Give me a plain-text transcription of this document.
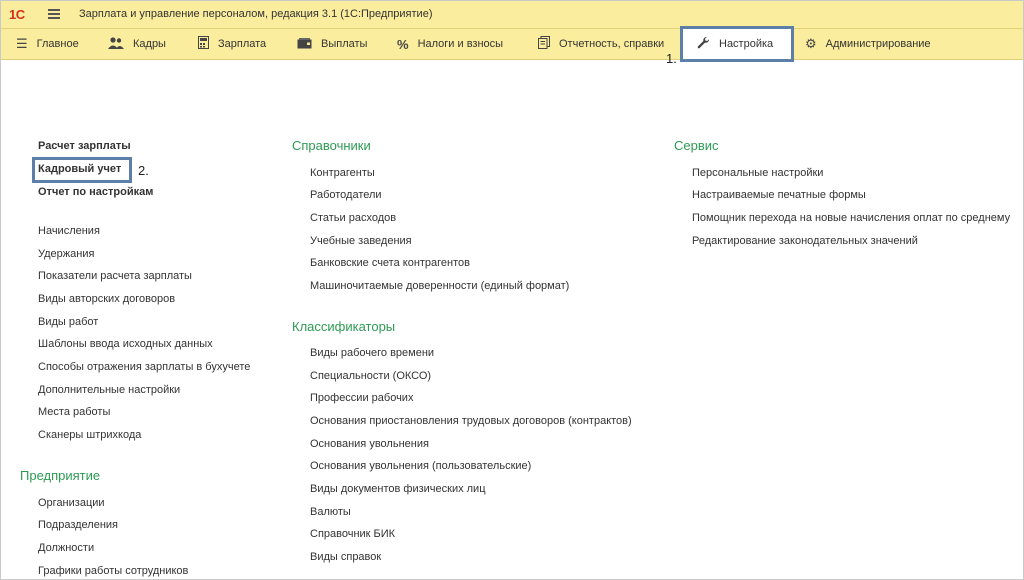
1С	Зарплата и управление персоналом, редакция 3.1 (1С:Предприятие)
☰ Главное	Кадры	Зарплата	Выплаты % Налоги и взносы	Отчетность, справки	Настройка ⚙ Администрирование
1.
Расчет зарплаты
Кадровый учет 2.
Отчет по настройкам
Начисления
Удержания
Показатели расчета зарплаты
Виды авторских договоров
Виды работ
Шаблоны ввода исходных данных
Способы отражения зарплаты в бухучете
Дополнительные настройки
Места работы
Сканеры штрихкода
Предприятие
Организации
Подразделения
Должности
Графики работы сотрудников
Справочники
Контрагенты
Работодатели
Статьи расходов
Учебные заведения
Банковские счета контрагентов
Машиночитаемые доверенности (единый формат)
Классификаторы
Виды рабочего времени
Специальности (ОКСО)
Профессии рабочих
Основания приостановления трудовых договоров (контрактов)
Основания увольнения
Основания увольнения (пользовательские)
Виды документов физических лиц
Валюты
Справочник БИК
Виды справок
Сервис
Персональные настройки
Настраиваемые печатные формы
Помощник перехода на новые начисления оплат по среднему
Редактирование законодательных значений
